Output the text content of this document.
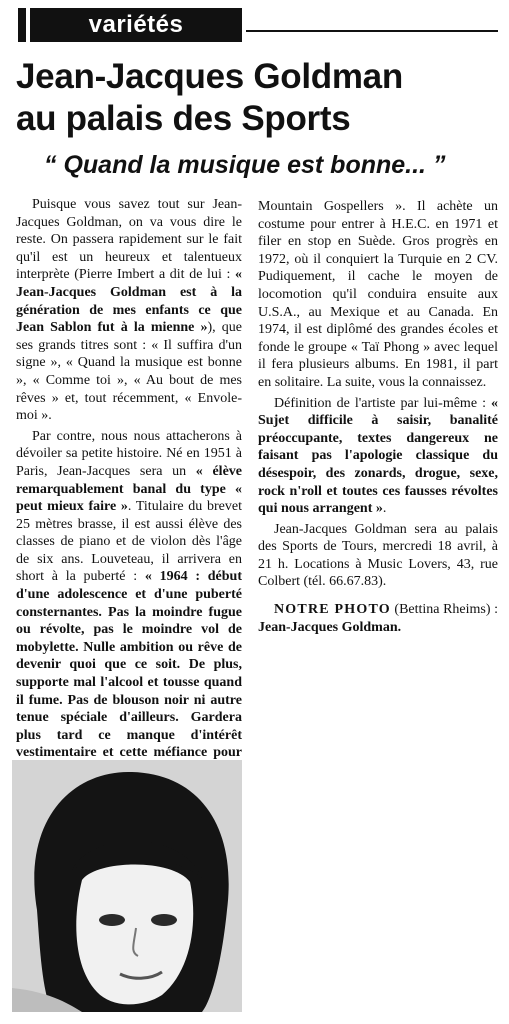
variétés
Jean-Jacques Goldman
au palais des Sports
“ Quand la musique est bonne... ”

Puisque vous savez tout sur Jean-Jacques Goldman, on va vous dire le reste. On passera rapidement sur le fait qu'il est un heureux et talentueux interprète (Pierre Imbert a dit de lui : « Jean-Jacques Goldman est à la génération de mes enfants ce que Jean Sablon fut à la mienne »), que ses grands titres sont : « Il suffira d'un signe », « Quand la musique est bonne », « Comme toi », « Au bout de mes rêves » et, tout récemment, « Envole-moi ».

Par contre, nous nous attacherons à dévoiler sa petite histoire. Né en 1951 à Paris, Jean-Jacques sera un « élève remarquablement banal du type « peut mieux faire ». Titulaire du brevet 25 mètres brasse, il est aussi élève des classes de piano et de violon dès l'âge de six ans. Louveteau, il arrivera en short à la puberté : « 1964 : début d'une adolescence et d'une puberté consternantes. Pas la moindre fugue ou révolte, pas le moindre vol de mobylette. Nulle ambition ou rêve de devenir quoi que ce soit. De plus, supporte mal l'alcool et tousse quand il fume. Pas de blouson noir ni autre tenue spéciale d'ailleurs. Gardera plus tard ce manque d'intérêt vestimentaire et cette méfiance pour

Mountain Gospellers ». Il achète un costume pour entrer à H.E.C. en 1971 et filer en stop en Suède. Gros progrès en 1972, où il conquiert la Turquie en 2 CV. Pudiquement, il cache le moyen de locomotion qu'il conduira ensuite aux U.S.A., au Mexique et au Canada. En 1974, il est diplômé des grandes écoles et fonde le groupe « Taï Phong » avec lequel il fera plusieurs albums. En 1981, il part en solitaire. La suite, vous la connaissez.

Définition de l'artiste par lui-même : « Sujet difficile à saisir, banalité préoccupante, textes dangereux ne faisant pas l'apologie classique du désespoir, des zonards, drogue, sexe, rock n'roll et toutes ces fausses révoltes qui nous arrangent ».

Jean-Jacques Goldman sera au palais des Sports de Tours, mercredi 18 avril, à 21 h. Locations à Music Lovers, 43, rue Colbert (tél. 66.67.83).

NOTRE PHOTO (Bettina Rheims) : Jean-Jacques Goldman.
